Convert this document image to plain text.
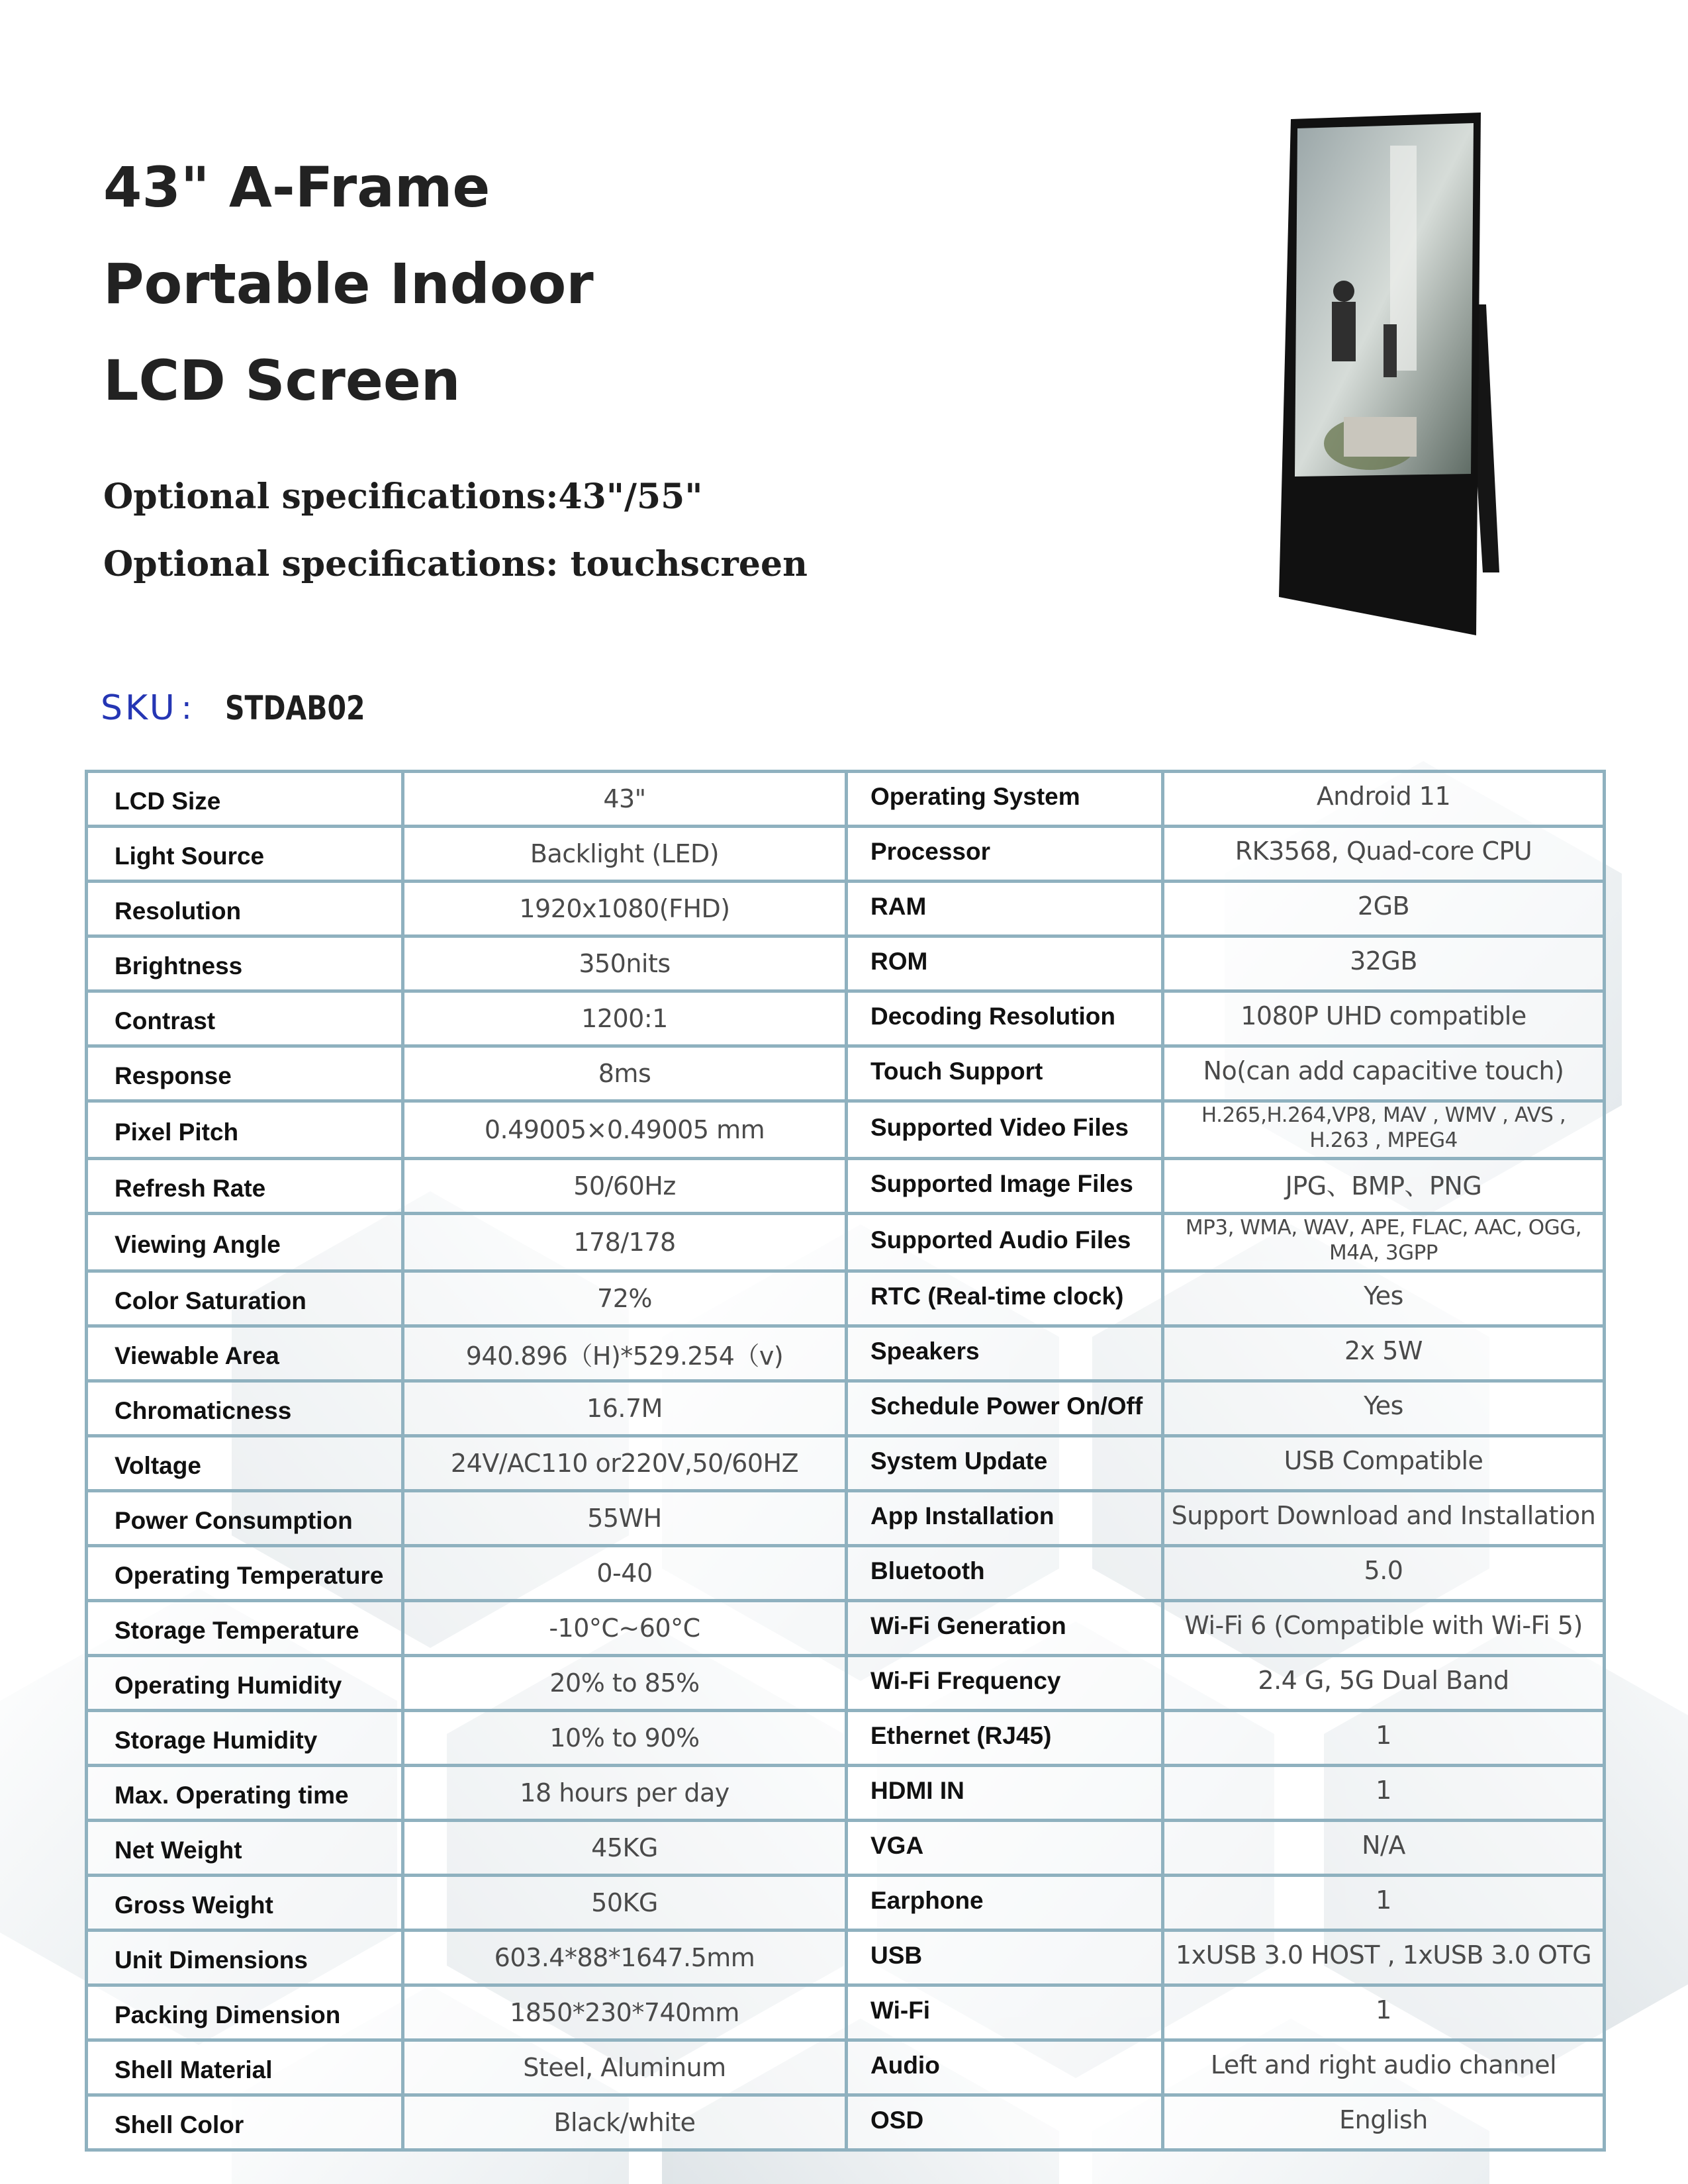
43" A-Frame
Portable Indoor
LCD Screen
Optional specifications:43"/55"
Optional specifications: touchscreen
SKU : STDAB02
LCD Size	43"	Operating System	Android 11
Light Source	Backlight (LED)	Processor	RK3568, Quad-core CPU
Resolution	1920x1080(FHD)	RAM	2GB
Brightness	350nits	ROM	32GB
Contrast	1200:1	Decoding Resolution	1080P UHD compatible
Response	8ms	Touch Support	No(can add capacitive touch)
Pixel Pitch	0.49005×0.49005 mm	Supported Video Files	H.265,H.264,VP8, MAV , WMV , AVS , H.263 , MPEG4
Refresh Rate	50/60Hz	Supported Image Files	JPG、BMP、PNG
Viewing Angle	178/178	Supported Audio Files	MP3, WMA, WAV, APE, FLAC, AAC, OGG, M4A, 3GPP
Color Saturation	72%	RTC (Real-time clock)	Yes
Viewable Area	940.896（H)*529.254（v)	Speakers	2x 5W
Chromaticness	16.7M	Schedule Power On/Off	Yes
Voltage	24V/AC110 or220V,50/60HZ	System Update	USB Compatible
Power Consumption	55WH	App Installation	Support Download and Installation
Operating Temperature	0-40	Bluetooth	5.0
Storage Temperature	-10°C~60°C	Wi-Fi Generation	Wi-Fi 6 (Compatible with Wi-Fi 5)
Operating Humidity	20% to 85%	Wi-Fi Frequency	2.4 G, 5G Dual Band
Storage Humidity	10% to 90%	Ethernet (RJ45)	1
Max. Operating time	18 hours per day	HDMI IN	1
Net Weight	45KG	VGA	N/A
Gross Weight	50KG	Earphone	1
Unit Dimensions	603.4*88*1647.5mm	USB	1xUSB 3.0 HOST , 1xUSB 3.0 OTG
Packing Dimension	1850*230*740mm	Wi-Fi	1
Shell Material	Steel, Aluminum	Audio	Left and right audio channel
Shell Color	Black/white	OSD	English
